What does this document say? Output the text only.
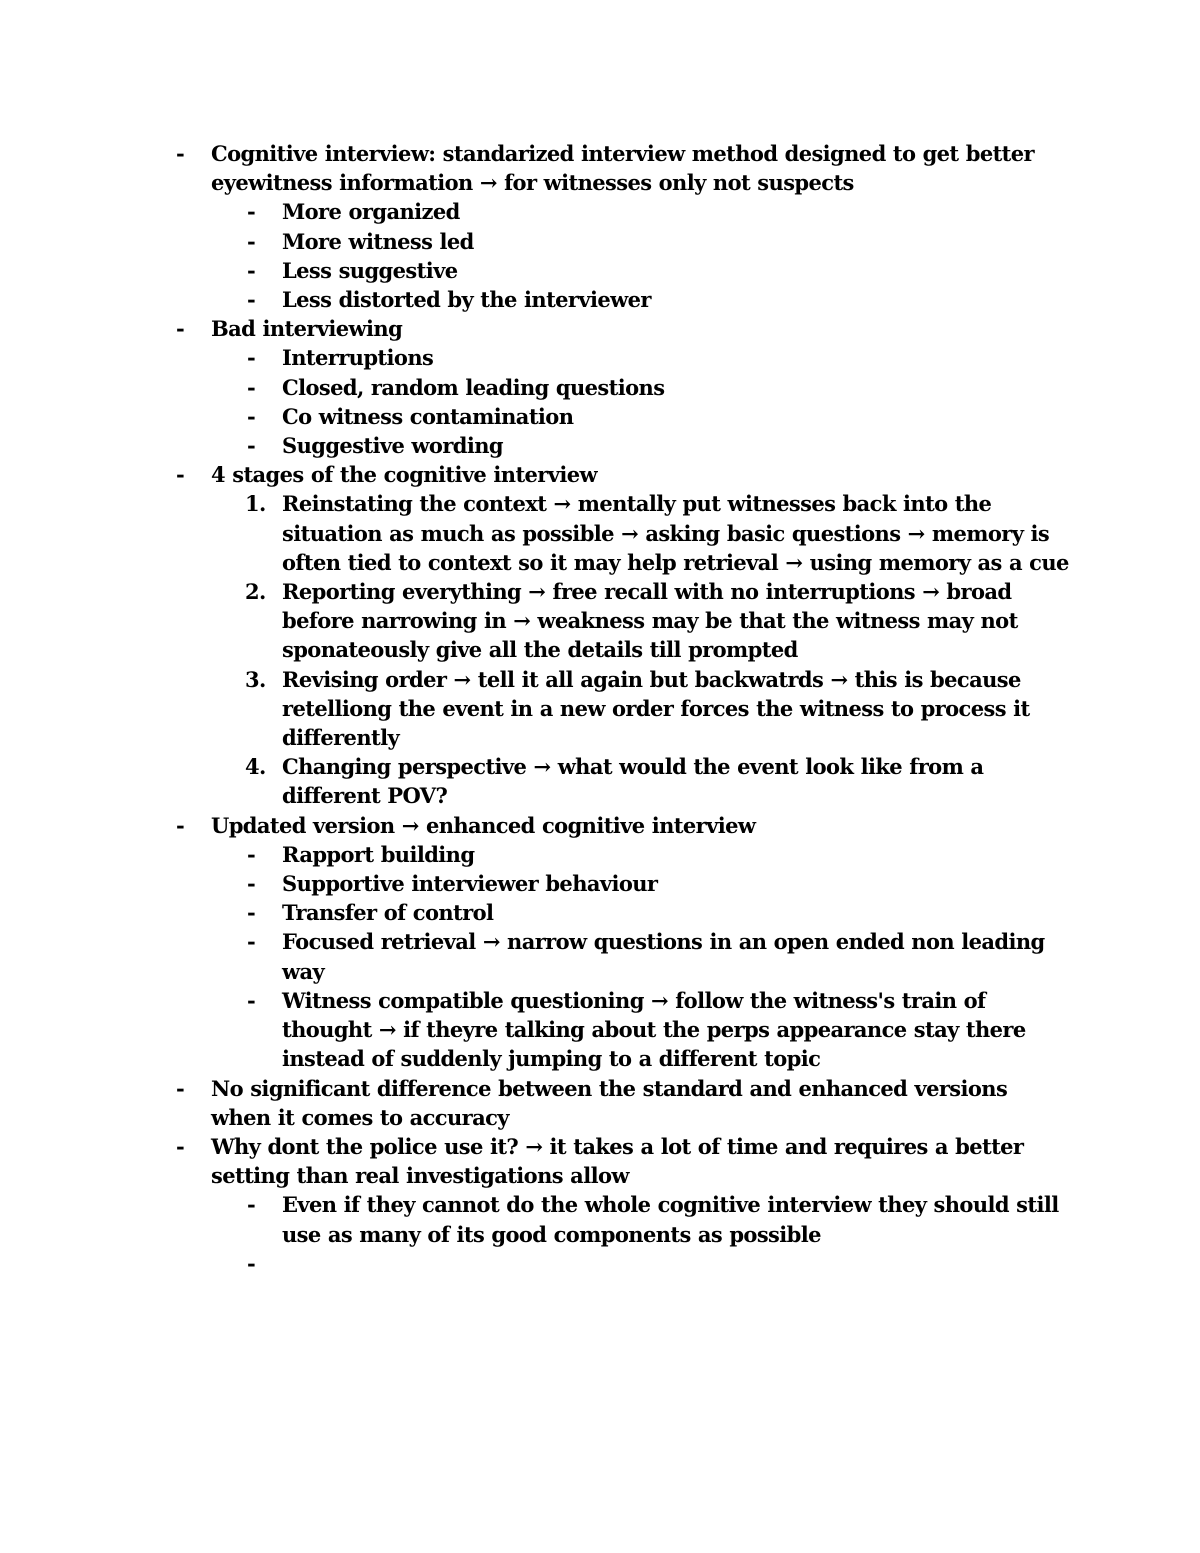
- Cognitive interview: standarized interview method designed to get better eyewitness information → for witnesses only not suspects
- More organized
- More witness led
- Less suggestive
- Less distorted by the interviewer
- Bad interviewing
- Interruptions
- Closed, random leading questions
- Co witness contamination
- Suggestive wording
- 4 stages of the cognitive interview
1. Reinstating the context → mentally put witnesses back into the situation as much as possible → asking basic questions → memory is often tied to context so it may help retrieval → using memory as a cue
2. Reporting everything → free recall with no interruptions → broad before narrowing in → weakness may be that the witness may not sponateously give all the details till prompted
3. Revising order → tell it all again but backwatrds → this is because retelliong the event in a new order forces the witness to process it differently
4. Changing perspective → what would the event look like from a different POV?
- Updated version → enhanced cognitive interview
- Rapport building
- Supportive interviewer behaviour
- Transfer of control
- Focused retrieval → narrow questions in an open ended non leading way
- Witness compatible questioning → follow the witness's train of thought → if theyre talking about the perps appearance stay there instead of suddenly jumping to a different topic
- No significant difference between the standard and enhanced versions when it comes to accuracy
- Why dont the police use it? → it takes a lot of time and requires a better setting than real investigations allow
- Even if they cannot do the whole cognitive interview they should still use as many of its good components as possible
-
